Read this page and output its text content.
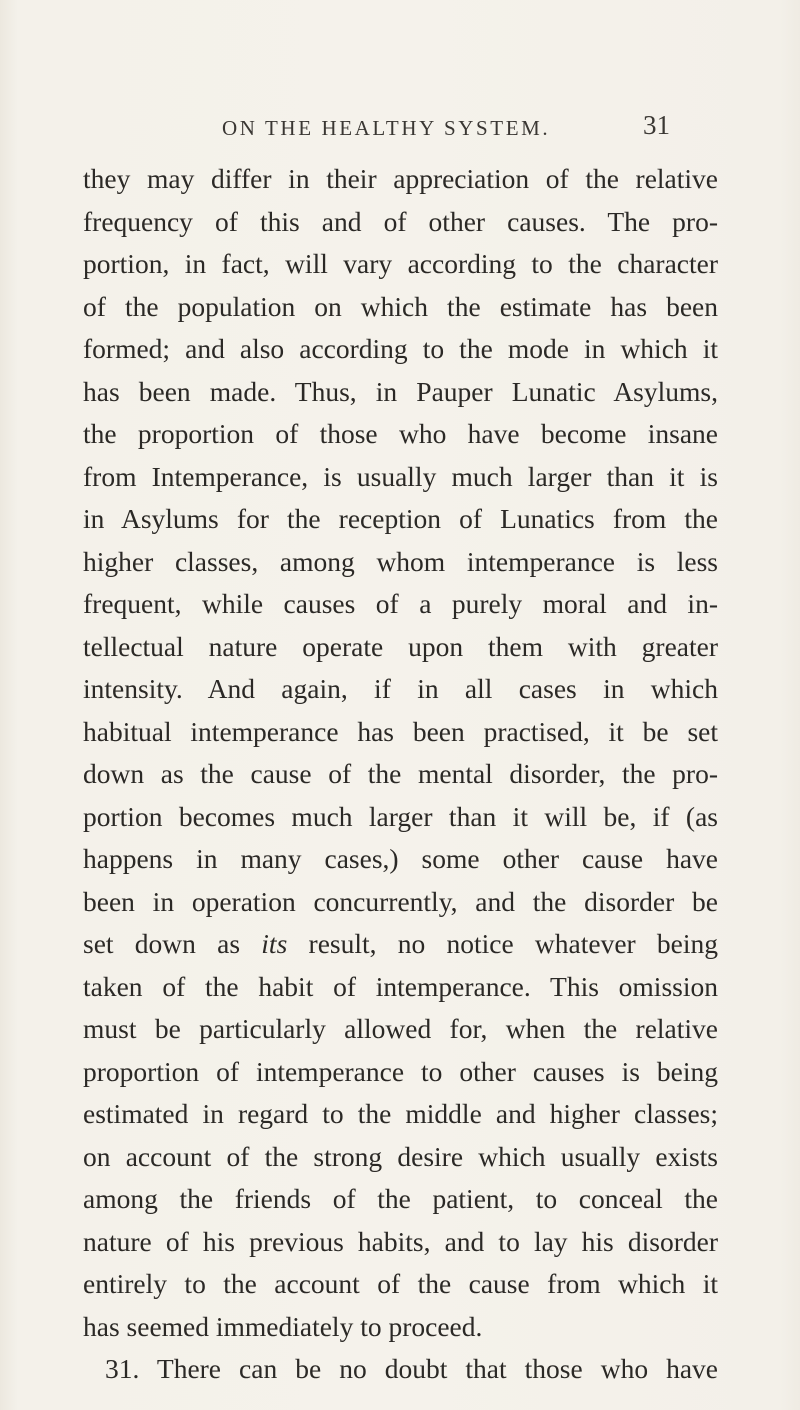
ON THE HEALTHY SYSTEM.	31
they may differ in their appreciation of the relative
frequency of this and of other causes. The pro-
portion, in fact, will vary according to the character
of the population on which the estimate has been
formed; and also according to the mode in which it
has been made. Thus, in Pauper Lunatic Asylums,
the proportion of those who have become insane
from Intemperance, is usually much larger than it is
in Asylums for the reception of Lunatics from the
higher classes, among whom intemperance is less
frequent, while causes of a purely moral and in-
tellectual nature operate upon them with greater
intensity. And again, if in all cases in which
habitual intemperance has been practised, it be set
down as the cause of the mental disorder, the pro-
portion becomes much larger than it will be, if (as
happens in many cases,) some other cause have
been in operation concurrently, and the disorder be
set down as its result, no notice whatever being
taken of the habit of intemperance. This omission
must be particularly allowed for, when the relative
proportion of intemperance to other causes is being
estimated in regard to the middle and higher classes;
on account of the strong desire which usually exists
among the friends of the patient, to conceal the
nature of his previous habits, and to lay his disorder
entirely to the account of the cause from which it
has seemed immediately to proceed.
31. There can be no doubt that those who have
